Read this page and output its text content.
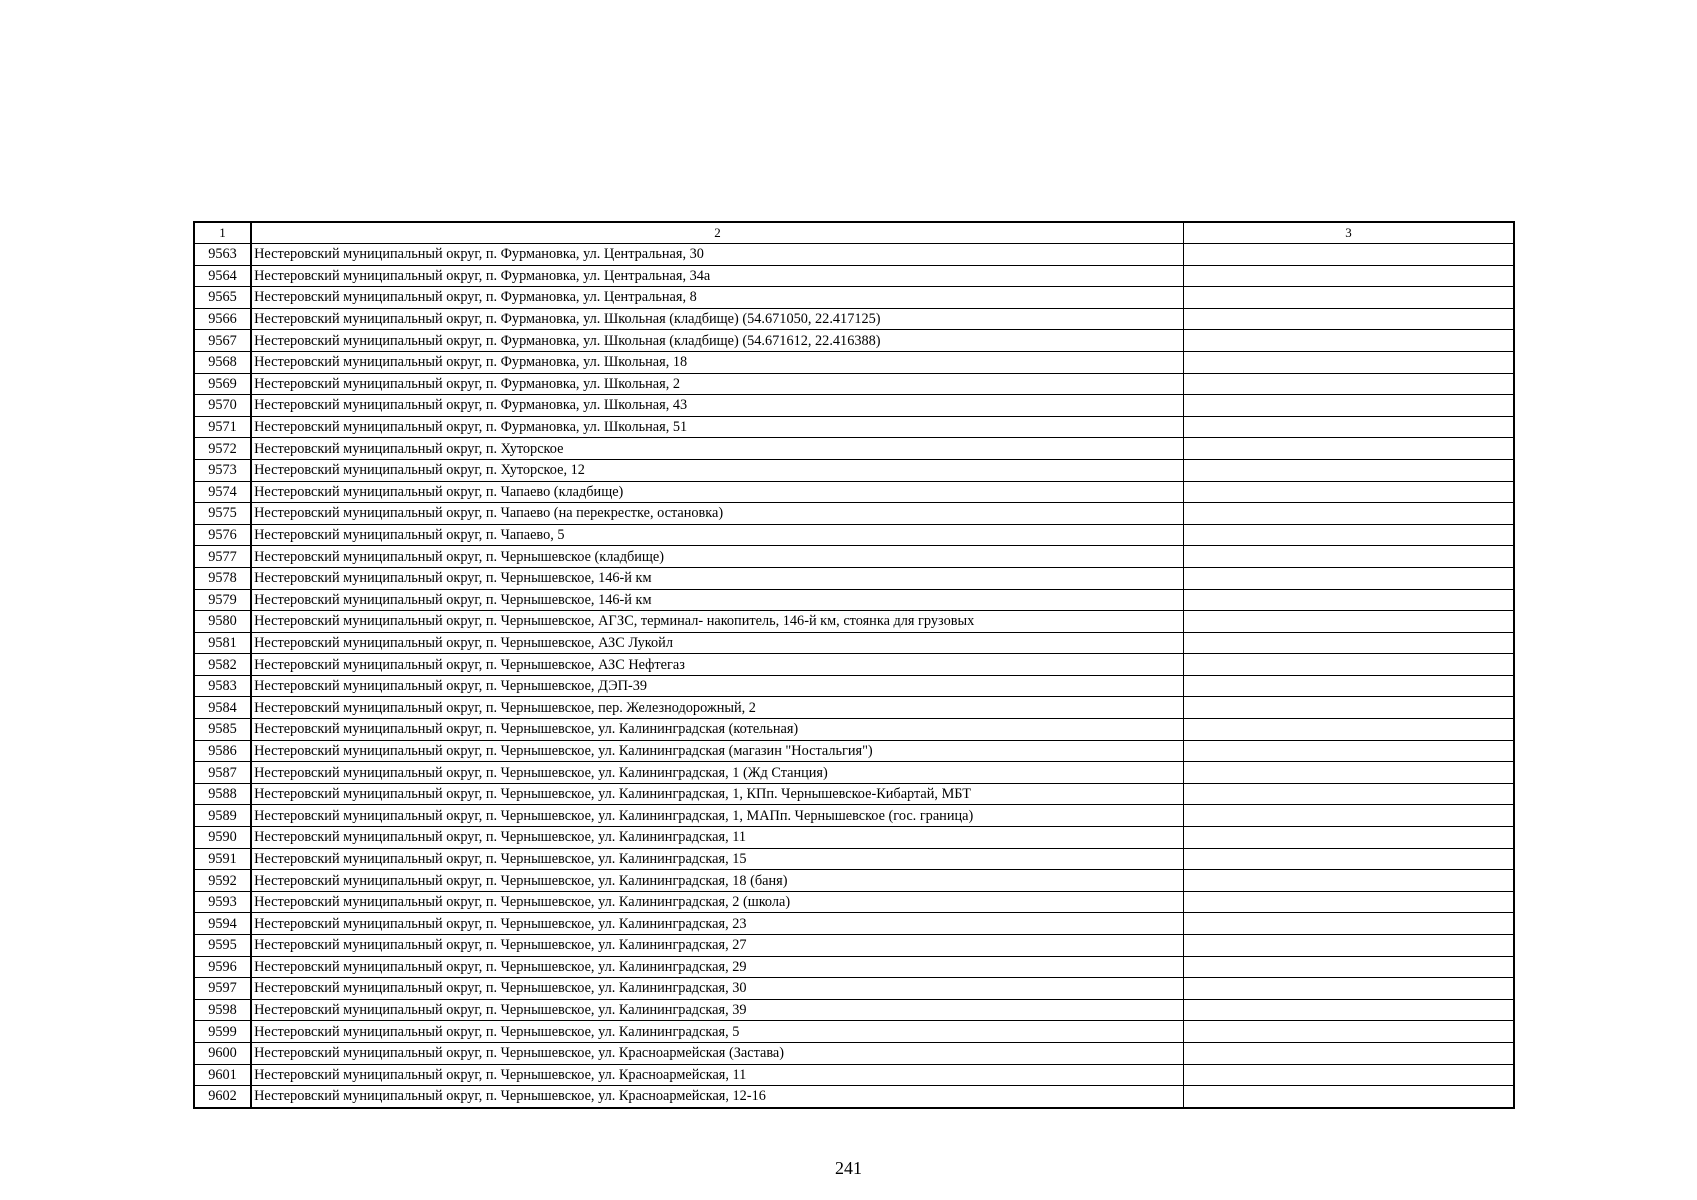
1	2	3
9563	Нестеровский муниципальный округ, п. Фурмановка, ул. Центральная, 30	
9564	Нестеровский муниципальный округ, п. Фурмановка, ул. Центральная, 34а	
9565	Нестеровский муниципальный округ, п. Фурмановка, ул. Центральная, 8	
9566	Нестеровский муниципальный округ, п. Фурмановка, ул. Школьная (кладбище) (54.671050, 22.417125)	
9567	Нестеровский муниципальный округ, п. Фурмановка, ул. Школьная (кладбище) (54.671612, 22.416388)	
9568	Нестеровский муниципальный округ, п. Фурмановка, ул. Школьная, 18	
9569	Нестеровский муниципальный округ, п. Фурмановка, ул. Школьная, 2	
9570	Нестеровский муниципальный округ, п. Фурмановка, ул. Школьная, 43	
9571	Нестеровский муниципальный округ, п. Фурмановка, ул. Школьная, 51	
9572	Нестеровский муниципальный округ, п. Хуторское	
9573	Нестеровский муниципальный округ, п. Хуторское, 12	
9574	Нестеровский муниципальный округ, п. Чапаево (кладбище)	
9575	Нестеровский муниципальный округ, п. Чапаево (на перекрестке, остановка)	
9576	Нестеровский муниципальный округ, п. Чапаево, 5	
9577	Нестеровский муниципальный округ, п. Чернышевское (кладбище)	
9578	Нестеровский муниципальный округ, п. Чернышевское, 146-й км	
9579	Нестеровский муниципальный округ, п. Чернышевское, 146-й км	
9580	Нестеровский муниципальный округ, п. Чернышевское, АГЗС, терминал- накопитель, 146-й км, стоянка для грузовых	
9581	Нестеровский муниципальный округ, п. Чернышевское, АЗС Лукойл	
9582	Нестеровский муниципальный округ, п. Чернышевское, АЗС Нефтегаз	
9583	Нестеровский муниципальный округ, п. Чернышевское, ДЭП-39	
9584	Нестеровский муниципальный округ, п. Чернышевское, пер. Железнодорожный, 2	
9585	Нестеровский муниципальный округ, п. Чернышевское, ул. Калининградская (котельная)	
9586	Нестеровский муниципальный округ, п. Чернышевское, ул. Калининградская (магазин "Ностальгия")	
9587	Нестеровский муниципальный округ, п. Чернышевское, ул. Калининградская, 1 (Жд Станция)	
9588	Нестеровский муниципальный округ, п. Чернышевское, ул. Калининградская, 1, КПп. Чернышевское-Кибартай, МБТ	
9589	Нестеровский муниципальный округ, п. Чернышевское, ул. Калининградская, 1, МАПп. Чернышевское (гос. граница)	
9590	Нестеровский муниципальный округ, п. Чернышевское, ул. Калининградская, 11	
9591	Нестеровский муниципальный округ, п. Чернышевское, ул. Калининградская, 15	
9592	Нестеровский муниципальный округ, п. Чернышевское, ул. Калининградская, 18 (баня)	
9593	Нестеровский муниципальный округ, п. Чернышевское, ул. Калининградская, 2 (школа)	
9594	Нестеровский муниципальный округ, п. Чернышевское, ул. Калининградская, 23	
9595	Нестеровский муниципальный округ, п. Чернышевское, ул. Калининградская, 27	
9596	Нестеровский муниципальный округ, п. Чернышевское, ул. Калининградская, 29	
9597	Нестеровский муниципальный округ, п. Чернышевское, ул. Калининградская, 30	
9598	Нестеровский муниципальный округ, п. Чернышевское, ул. Калининградская, 39	
9599	Нестеровский муниципальный округ, п. Чернышевское, ул. Калининградская, 5	
9600	Нестеровский муниципальный округ, п. Чернышевское, ул. Красноармейская (Застава)	
9601	Нестеровский муниципальный округ, п. Чернышевское, ул. Красноармейская, 11	
9602	Нестеровский муниципальный округ, п. Чернышевское, ул. Красноармейская, 12-16	
241
